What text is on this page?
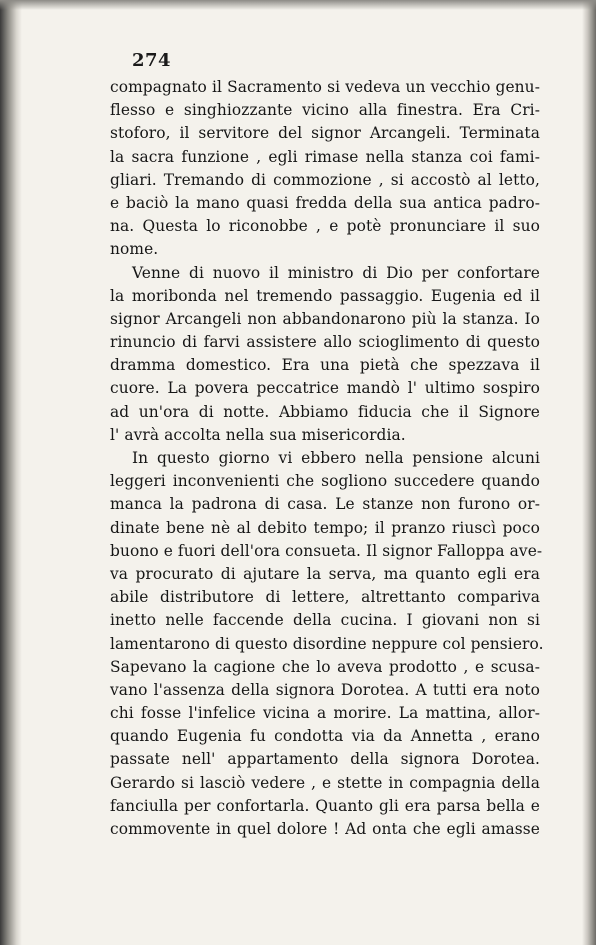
274
compagnato il Sacramento si vedeva un vecchio genu-
flesso e singhiozzante vicino alla finestra. Era Cri-
stoforo, il servitore del signor Arcangeli. Terminata
la sacra funzione , egli rimase nella stanza coi fami-
gliari. Tremando di commozione , si accostò al letto,
e baciò la mano quasi fredda della sua antica padro-
na. Questa lo riconobbe , e potè pronunciare il suo
nome.
Venne di nuovo il ministro di Dio per confortare
la moribonda nel tremendo passaggio. Eugenia ed il
signor Arcangeli non abbandonarono più la stanza. Io
rinuncio di farvi assistere allo scioglimento di questo
dramma domestico. Era una pietà che spezzava il
cuore. La povera peccatrice mandò l' ultimo sospiro
ad un'ora di notte. Abbiamo fiducia che il Signore
l' avrà accolta nella sua misericordia.
In questo giorno vi ebbero nella pensione alcuni
leggeri inconvenienti che sogliono succedere quando
manca la padrona di casa. Le stanze non furono or-
dinate bene nè al debito tempo; il pranzo riuscì poco
buono e fuori dell'ora consueta. Il signor Falloppa ave-
va procurato di ajutare la serva, ma quanto egli era
abile distributore di lettere, altrettanto compariva
inetto nelle faccende della cucina. I giovani non si
lamentarono di questo disordine neppure col pensiero.
Sapevano la cagione che lo aveva prodotto , e scusa-
vano l'assenza della signora Dorotea. A tutti era noto
chi fosse l'infelice vicina a morire. La mattina, allor-
quando Eugenia fu condotta via da Annetta , erano
passate nell' appartamento della signora Dorotea.
Gerardo si lasciò vedere , e stette in compagnia della
fanciulla per confortarla. Quanto gli era parsa bella e
commovente in quel dolore ! Ad onta che egli amasse
